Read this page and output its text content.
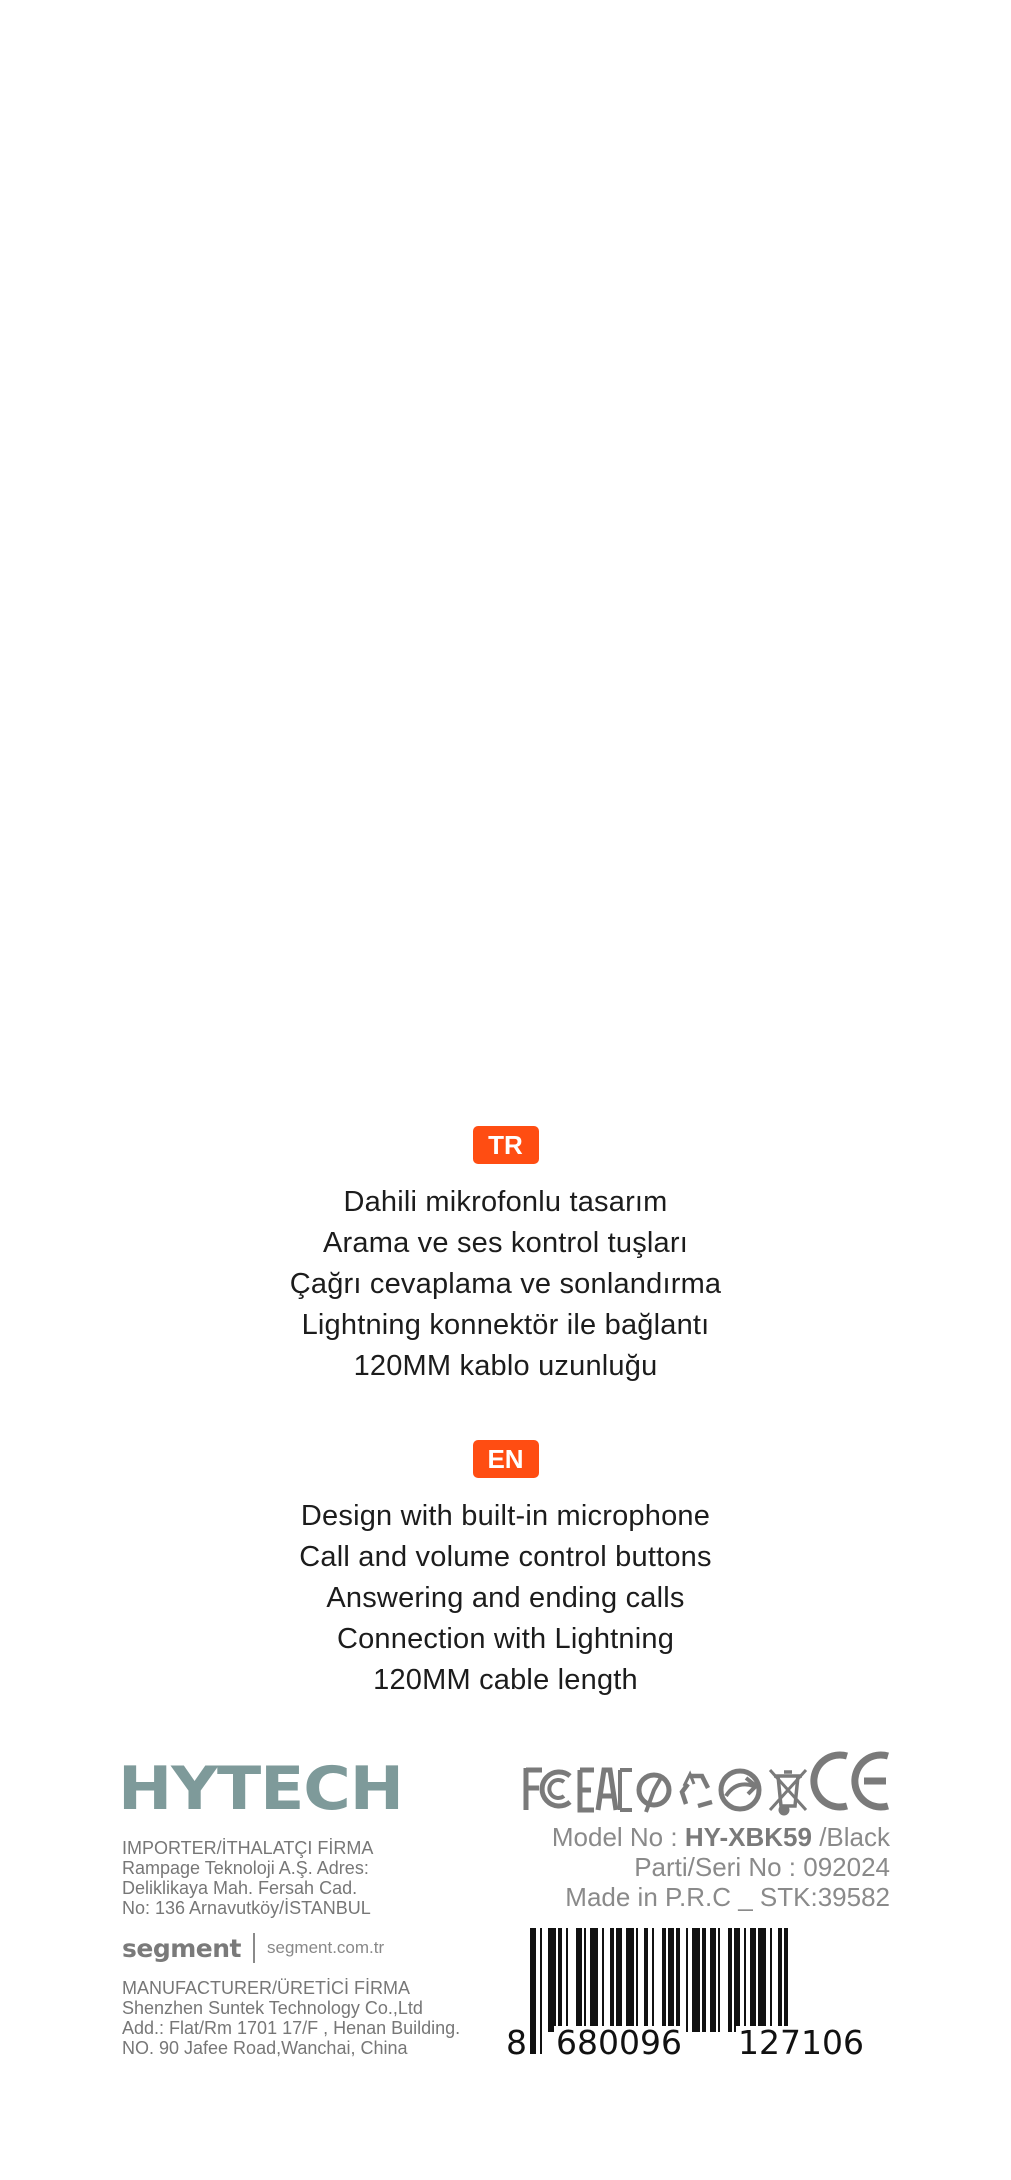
TR
Dahili mikrofonlu tasarım
Arama ve ses kontrol tuşları
Çağrı cevaplama ve sonlandırma
Lightning konnektör ile bağlantı
120MM kablo uzunluğu
EN
Design with built-in microphone
Call and volume control buttons
Answering and ending calls
Connection with Lightning
120MM cable length
HYTECH
IMPORTER/İTHALATÇI FİRMA
Rampage Teknoloji A.Ş. Adres:
Deliklikaya Mah. Fersah Cad.
No: 136 Arnavutköy/İSTANBUL
segment segment.com.tr
MANUFACTURER/ÜRETİCİ FİRMA
Shenzhen Suntek Technology Co.,Ltd
Add.: Flat/Rm 1701 17/F , Henan Building.
NO. 90 Jafee Road,Wanchai, China
Model No : HY-XBK59 /Black
Parti/Seri No : 092024
Made in P.R.C _ STK:39582
8 680096 127106
